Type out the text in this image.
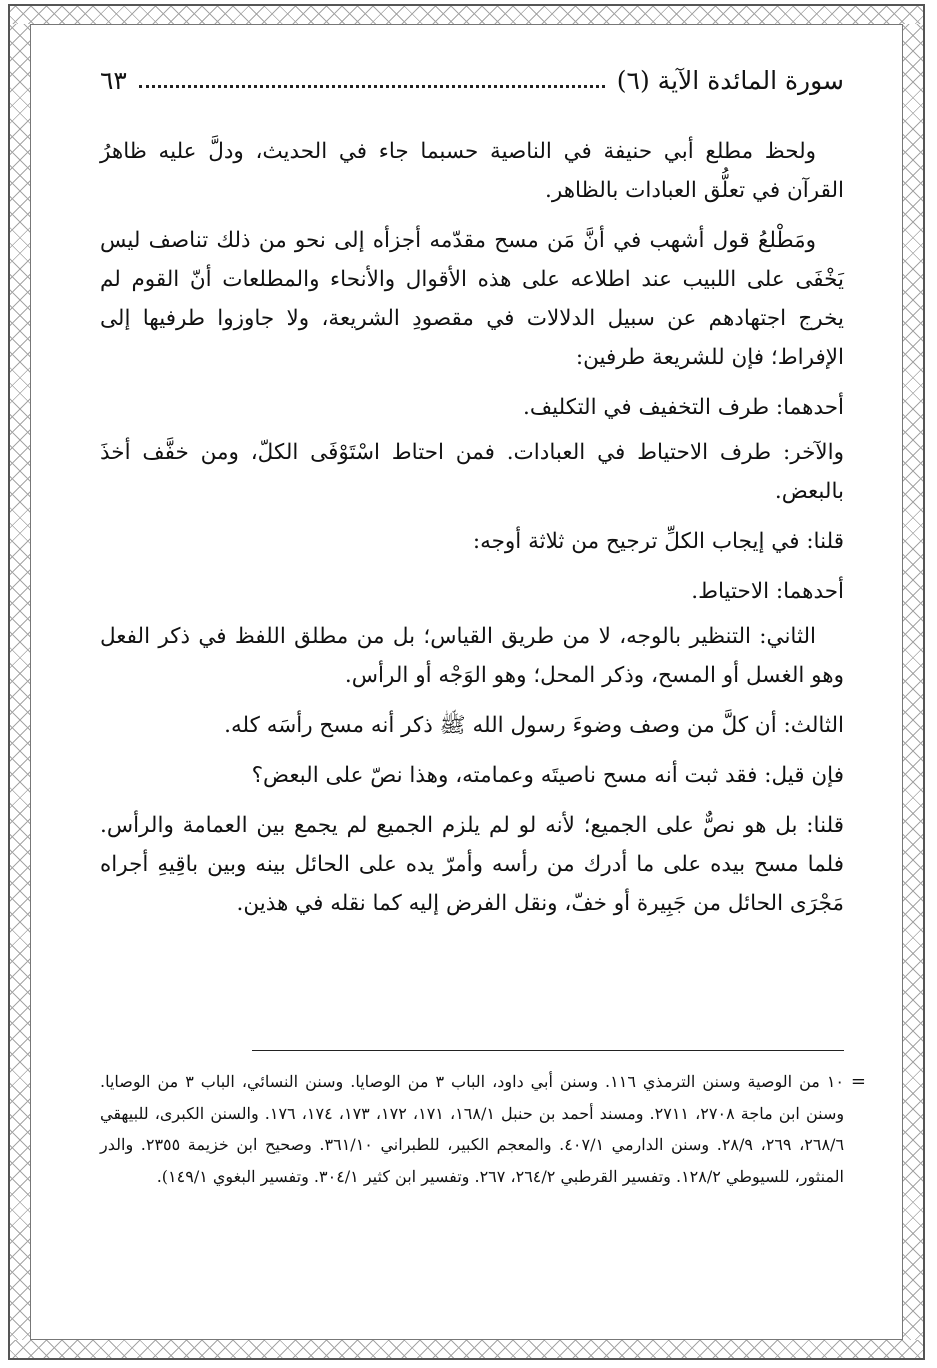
سورة المائدة الآية (٦)
٦٣

ولحظ مطلع أبي حنيفة في الناصية حسبما جاء في الحديث، ودلَّ عليه ظاهرُ القرآن في تعلُّق العبادات بالظاهر.

ومَطْلعُ قول أشهب في أنَّ مَن مسح مقدّمه أجزأه إلى نحو من ذلك تناصف ليس يَخْفَى على اللبيب عند اطلاعه على هذه الأقوال والأنحاء والمطلعات أنّ القوم لم يخرج اجتهادهم عن سبيل الدلالات في مقصودِ الشريعة، ولا جاوزوا طرفيها إلى الإفراط؛ فإن للشريعة طرفين:

أحدهما: طرف التخفيف في التكليف.

والآخر: طرف الاحتياط في العبادات. فمن احتاط اسْتَوْفَى الكلّ، ومن خفَّف أخذَ بالبعض.

قلنا: في إيجاب الكلِّ ترجيح من ثلاثة أوجه:

أحدهما: الاحتياط.

الثاني: التنظير بالوجه، لا من طريق القياس؛ بل من مطلق اللفظ في ذكر الفعل وهو الغسل أو المسح، وذكر المحل؛ وهو الوَجْه أو الرأس.

الثالث: أن كلَّ من وصف وضوءَ رسول الله ﷺ ذكر أنه مسح رأسَه كله.

فإن قيل: فقد ثبت أنه مسح ناصيتَه وعمامته، وهذا نصّ على البعض؟

قلنا: بل هو نصٌّ على الجميع؛ لأنه لو لم يلزم الجميع لم يجمع بين العمامة والرأس. فلما مسح بيده على ما أدرك من رأسه وأمرّ يده على الحائل بينه وبين باقِيهِ أجراه مَجْرَى الحائل من جَبِيرة أو خفّ، ونقل الفرض إليه كما نقله في هذين.

=
١٠ من الوصية وسنن الترمذي ١١٦. وسنن أبي داود، الباب ٣ من الوصايا. وسنن النسائي، الباب ٣ من الوصايا. وسنن ابن ماجة ٢٧٠٨، ٢٧١١. ومسند أحمد بن حنبل ١٦٨/١، ١٧١، ١٧٢، ١٧٣، ١٧٤، ١٧٦. والسنن الكبرى، للبيهقي ٢٦٨/٦، ٢٦٩، ٢٨/٩. وسنن الدارمي ٤٠٧/١. والمعجم الكبير، للطبراني ٣٦١/١٠. وصحيح ابن خزيمة ٢٣٥٥. والدر المنثور، للسيوطي ١٢٨/٢. وتفسير القرطبي ٢٦٤/٢، ٢٦٧. وتفسير ابن كثير ٣٠٤/١. وتفسير البغوي ١٤٩/١).
